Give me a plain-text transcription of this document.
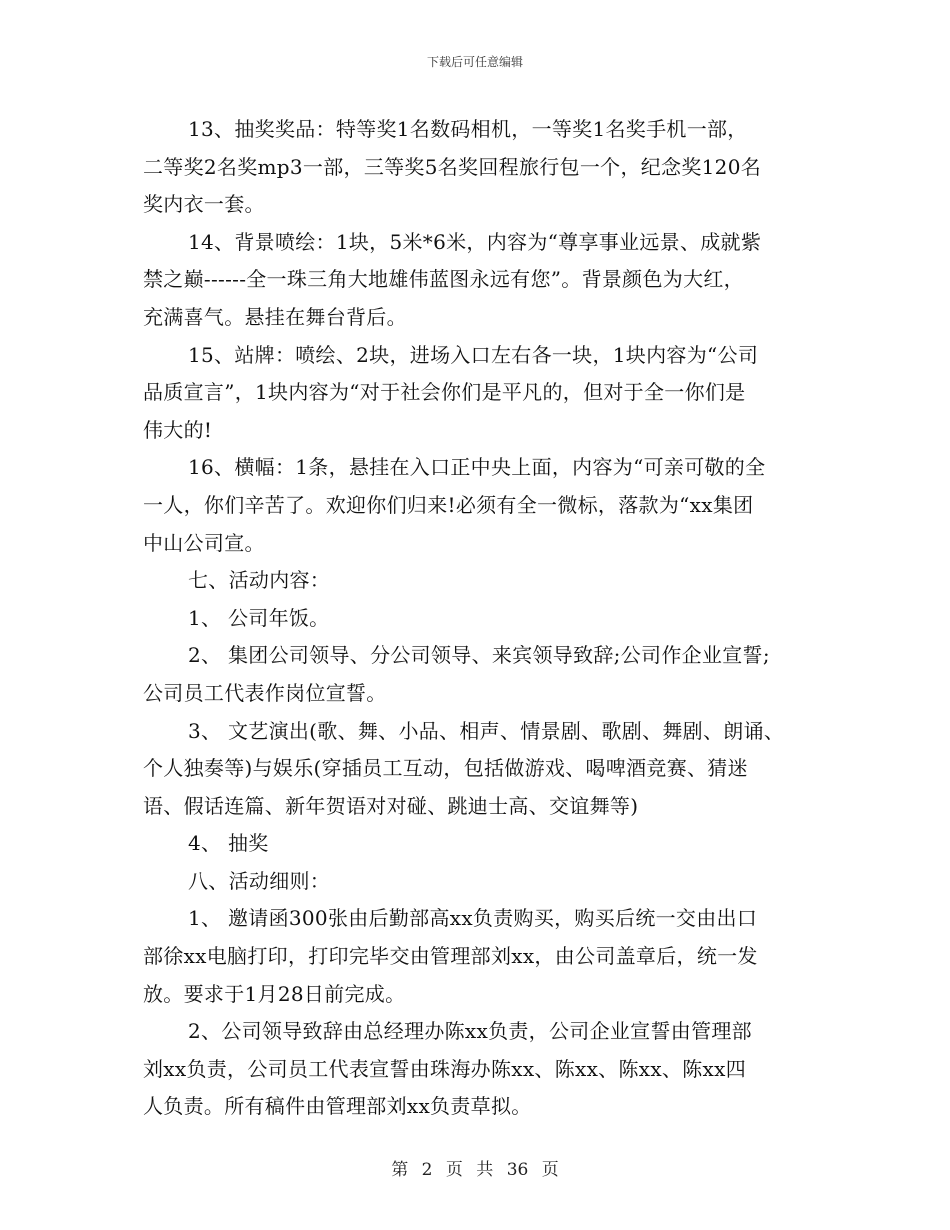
下载后可任意编辑
13、抽奖奖品：特等奖1名数码相机，一等奖1名奖手机一部，
二等奖2名奖mp3一部，三等奖5名奖回程旅行包一个，纪念奖120名
奖内衣一套。
14、背景喷绘：1块，5米*6米，内容为“尊享事业远景、成就紫
禁之巅------全一珠三角大地雄伟蓝图永远有您”。背景颜色为大红，
充满喜气。悬挂在舞台背后。
15、站牌：喷绘、2块，进场入口左右各一块，1块内容为“公司
品质宣言”，1块内容为“对于社会你们是平凡的，但对于全一你们是
伟大的!
16、横幅：1条，悬挂在入口正中央上面，内容为“可亲可敬的全
一人，你们辛苦了。欢迎你们归来!必须有全一微标，落款为“xx集团
中山公司宣。
七、活动内容：
1、 公司年饭。
2、 集团公司领导、分公司领导、来宾领导致辞;公司作企业宣誓;
公司员工代表作岗位宣誓。
3、 文艺演出(歌、舞、小品、相声、情景剧、歌剧、舞剧、朗诵、
个人独奏等)与娱乐(穿插员工互动，包括做游戏、喝啤酒竞赛、猜迷
语、假话连篇、新年贺语对对碰、跳迪士高、交谊舞等)
4、 抽奖
八、活动细则：
1、 邀请函300张由后勤部高xx负责购买，购买后统一交由出口
部徐xx电脑打印，打印完毕交由管理部刘xx，由公司盖章后，统一发
放。要求于1月28日前完成。
2、公司领导致辞由总经理办陈xx负责，公司企业宣誓由管理部
刘xx负责，公司员工代表宣誓由珠海办陈xx、陈xx、陈xx、陈xx四
人负责。所有稿件由管理部刘xx负责草拟。
第 2 页 共 36 页
